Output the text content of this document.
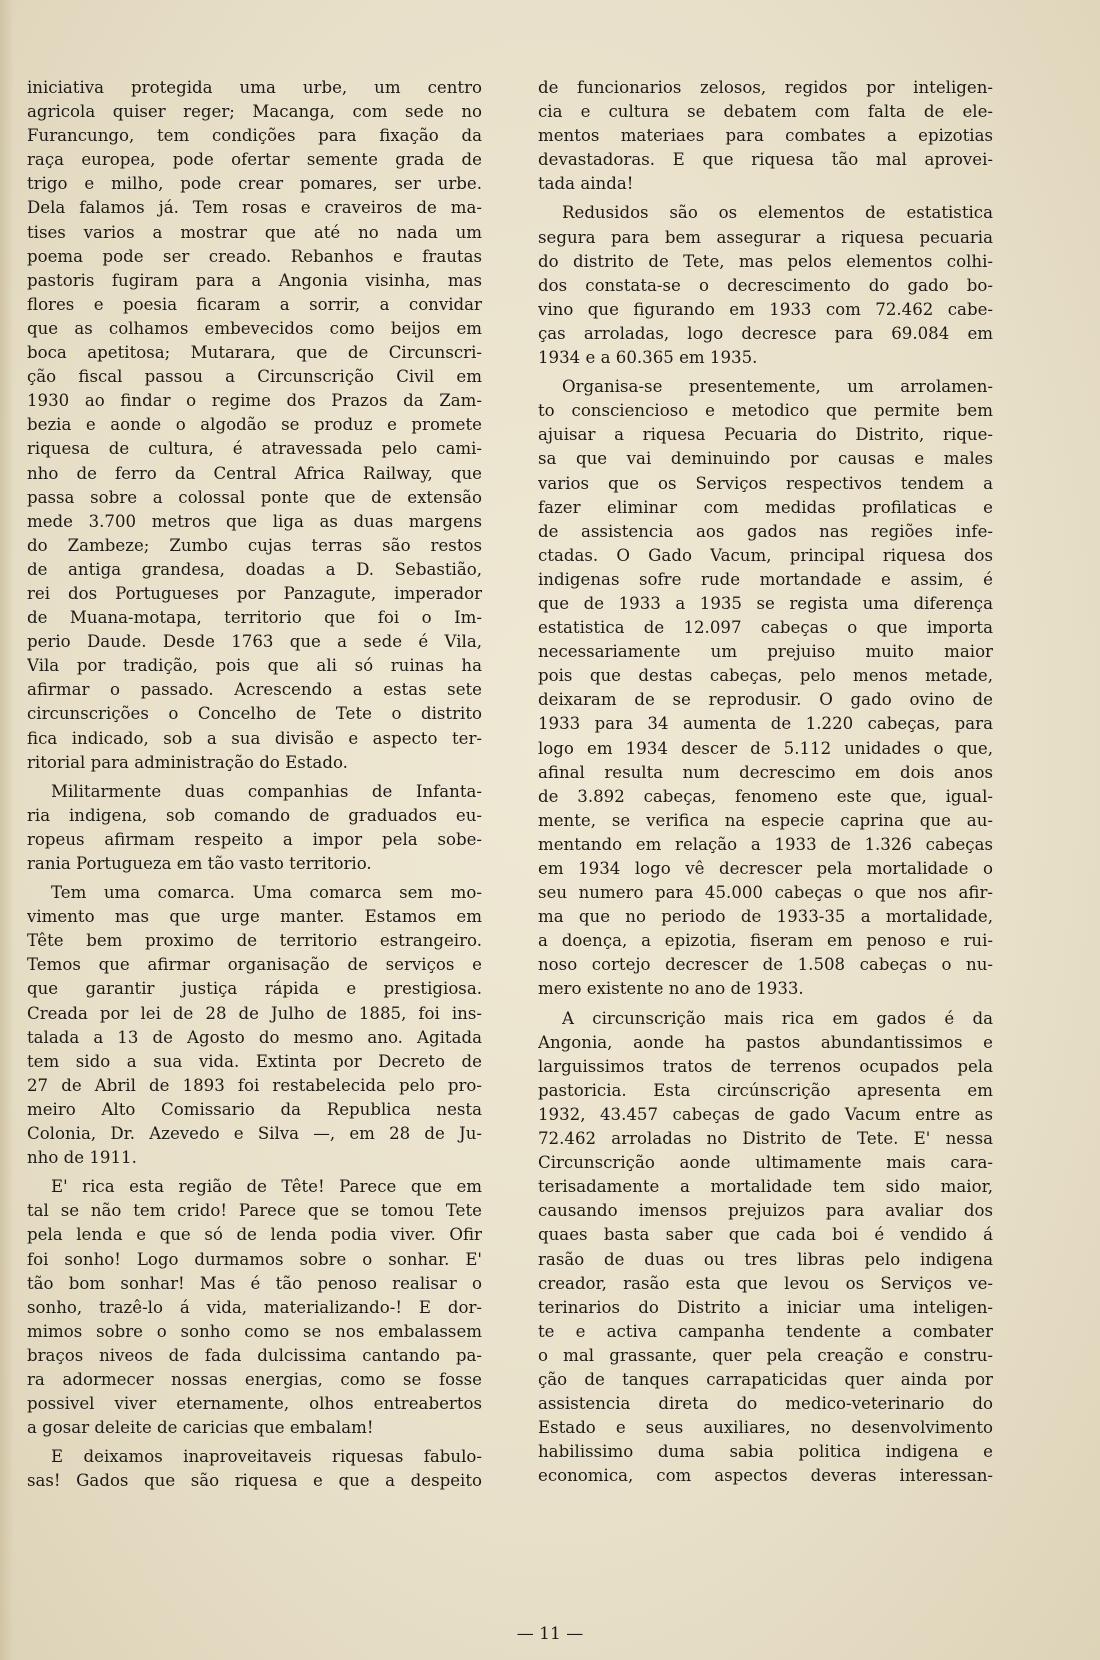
iniciativa protegida uma urbe, um centro
agricola quiser reger; Macanga, com sede no
Furancungo, tem condições para fixação da
raça europea, pode ofertar semente grada de
trigo e milho, pode crear pomares, ser urbe.
Dela falamos já. Tem rosas e craveiros de ma-
tises varios a mostrar que até no nada um
poema pode ser creado. Rebanhos e frautas
pastoris fugiram para a Angonia visinha, mas
flores e poesia ficaram a sorrir, a convidar
que as colhamos embevecidos como beijos em
boca apetitosa; Mutarara, que de Circunscri-
ção fiscal passou a Circunscrição Civil em
1930 ao findar o regime dos Prazos da Zam-
bezia e aonde o algodão se produz e promete
riquesa de cultura, é atravessada pelo cami-
nho de ferro da Central Africa Railway, que
passa sobre a colossal ponte que de extensão
mede 3.700 metros que liga as duas margens
do Zambeze; Zumbo cujas terras são restos
de antiga grandesa, doadas a D. Sebastião,
rei dos Portugueses por Panzagute, imperador
de Muana-motapa, territorio que foi o Im-
perio Daude. Desde 1763 que a sede é Vila,
Vila por tradição, pois que ali só ruinas ha
afirmar o passado. Acrescendo a estas sete
circunscrições o Concelho de Tete o distrito
fica indicado, sob a sua divisão e aspecto ter-
ritorial para administração do Estado.
Militarmente duas companhias de Infanta-
ria indigena, sob comando de graduados eu-
ropeus afirmam respeito a impor pela sobe-
rania Portugueza em tão vasto territorio.
Tem uma comarca. Uma comarca sem mo-
vimento mas que urge manter. Estamos em
Tête bem proximo de territorio estrangeiro.
Temos que afirmar organisação de serviços e
que garantir justiça rápida e prestigiosa.
Creada por lei de 28 de Julho de 1885, foi ins-
talada a 13 de Agosto do mesmo ano. Agitada
tem sido a sua vida. Extinta por Decreto de
27 de Abril de 1893 foi restabelecida pelo pro-
meiro Alto Comissario da Republica nesta
Colonia, Dr. Azevedo e Silva —, em 28 de Ju-
nho de 1911.
E' rica esta região de Tête! Parece que em
tal se não tem crido! Parece que se tomou Tete
pela lenda e que só de lenda podia viver. Ofir
foi sonho! Logo durmamos sobre o sonhar. E'
tão bom sonhar! Mas é tão penoso realisar o
sonho, trazê-lo á vida, materializando-! E dor-
mimos sobre o sonho como se nos embalassem
braços niveos de fada dulcissima cantando pa-
ra adormecer nossas energias, como se fosse
possivel viver eternamente, olhos entreabertos
a gosar deleite de caricias que embalam!
E deixamos inaproveitaveis riquesas fabulo-
sas! Gados que são riquesa e que a despeito
de funcionarios zelosos, regidos por inteligen-
cia e cultura se debatem com falta de ele-
mentos materiaes para combates a epizotias
devastadoras. E que riquesa tão mal aprovei-
tada ainda!
Redusidos são os elementos de estatistica
segura para bem assegurar a riquesa pecuaria
do distrito de Tete, mas pelos elementos colhi-
dos constata-se o decrescimento do gado bo-
vino que figurando em 1933 com 72.462 cabe-
ças arroladas, logo decresce para 69.084 em
1934 e a 60.365 em 1935.
Organisa-se presentemente, um arrolamen-
to consciencioso e metodico que permite bem
ajuisar a riquesa Pecuaria do Distrito, rique-
sa que vai deminuindo por causas e males
varios que os Serviços respectivos tendem a
fazer eliminar com medidas profilaticas e
de assistencia aos gados nas regiões infe-
ctadas. O Gado Vacum, principal riquesa dos
indigenas sofre rude mortandade e assim, é
que de 1933 a 1935 se regista uma diferença
estatistica de 12.097 cabeças o que importa
necessariamente um prejuiso muito maior
pois que destas cabeças, pelo menos metade,
deixaram de se reprodusir. O gado ovino de
1933 para 34 aumenta de 1.220 cabeças, para
logo em 1934 descer de 5.112 unidades o que,
afinal resulta num decrescimo em dois anos
de 3.892 cabeças, fenomeno este que, igual-
mente, se verifica na especie caprina que au-
mentando em relação a 1933 de 1.326 cabeças
em 1934 logo vê decrescer pela mortalidade o
seu numero para 45.000 cabeças o que nos afir-
ma que no periodo de 1933-35 a mortalidade,
a doença, a epizotia, fiseram em penoso e rui-
noso cortejo decrescer de 1.508 cabeças o nu-
mero existente no ano de 1933.
A circunscrição mais rica em gados é da
Angonia, aonde ha pastos abundantissimos e
larguissimos tratos de terrenos ocupados pela
pastoricia. Esta circúnscrição apresenta em
1932, 43.457 cabeças de gado Vacum entre as
72.462 arroladas no Distrito de Tete. E' nessa
Circunscrição aonde ultimamente mais cara-
terisadamente a mortalidade tem sido maior,
causando imensos prejuizos para avaliar dos
quaes basta saber que cada boi é vendido á
rasão de duas ou tres libras pelo indigena
creador, rasão esta que levou os Serviços ve-
terinarios do Distrito a iniciar uma inteligen-
te e activa campanha tendente a combater
o mal grassante, quer pela creação e constru-
ção de tanques carrapaticidas quer ainda por
assistencia direta do medico-veterinario do
Estado e seus auxiliares, no desenvolvimento
habilissimo duma sabia politica indigena e
economica, com aspectos deveras interessan-
— 11 —
